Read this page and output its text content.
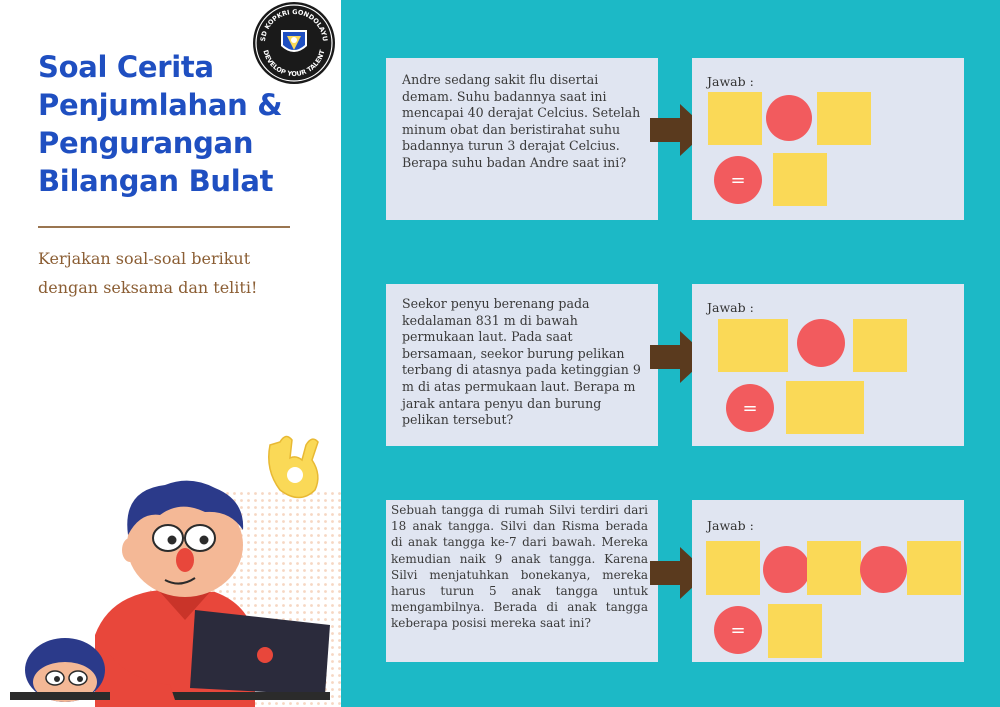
Soal Cerita
Penjumlahan &
Pengurangan
Bilangan Bulat
SD KOPKRI GONDOLAYU
DEVELOP YOUR TALENT
Kerjakan soal-soal berikut
dengan seksama dan teliti!
Andre sedang sakit flu disertai demam. Suhu badannya saat ini mencapai 40 derajat Celcius. Setelah minum obat dan beristirahat suhu badannya turun 3 derajat Celcius. Berapa suhu badan Andre saat ini?
Jawab :
=
Seekor penyu berenang pada kedalaman 831 m di bawah permukaan laut. Pada saat bersamaan, seekor burung pelikan terbang di atasnya pada ketinggian 9 m di atas permukaan laut. Berapa m jarak antara penyu dan burung pelikan tersebut?
Jawab :
=
Sebuah tangga di rumah Silvi terdiri dari 18 anak tangga. Silvi dan Risma berada di anak tangga ke-7 dari bawah. Mereka kemudian naik 9 anak tangga. Karena Silvi menjatuhkan bonekanya, mereka harus turun 5 anak tangga untuk mengambilnya. Berada di anak tangga keberapa posisi mereka saat ini?
Jawab :
=
